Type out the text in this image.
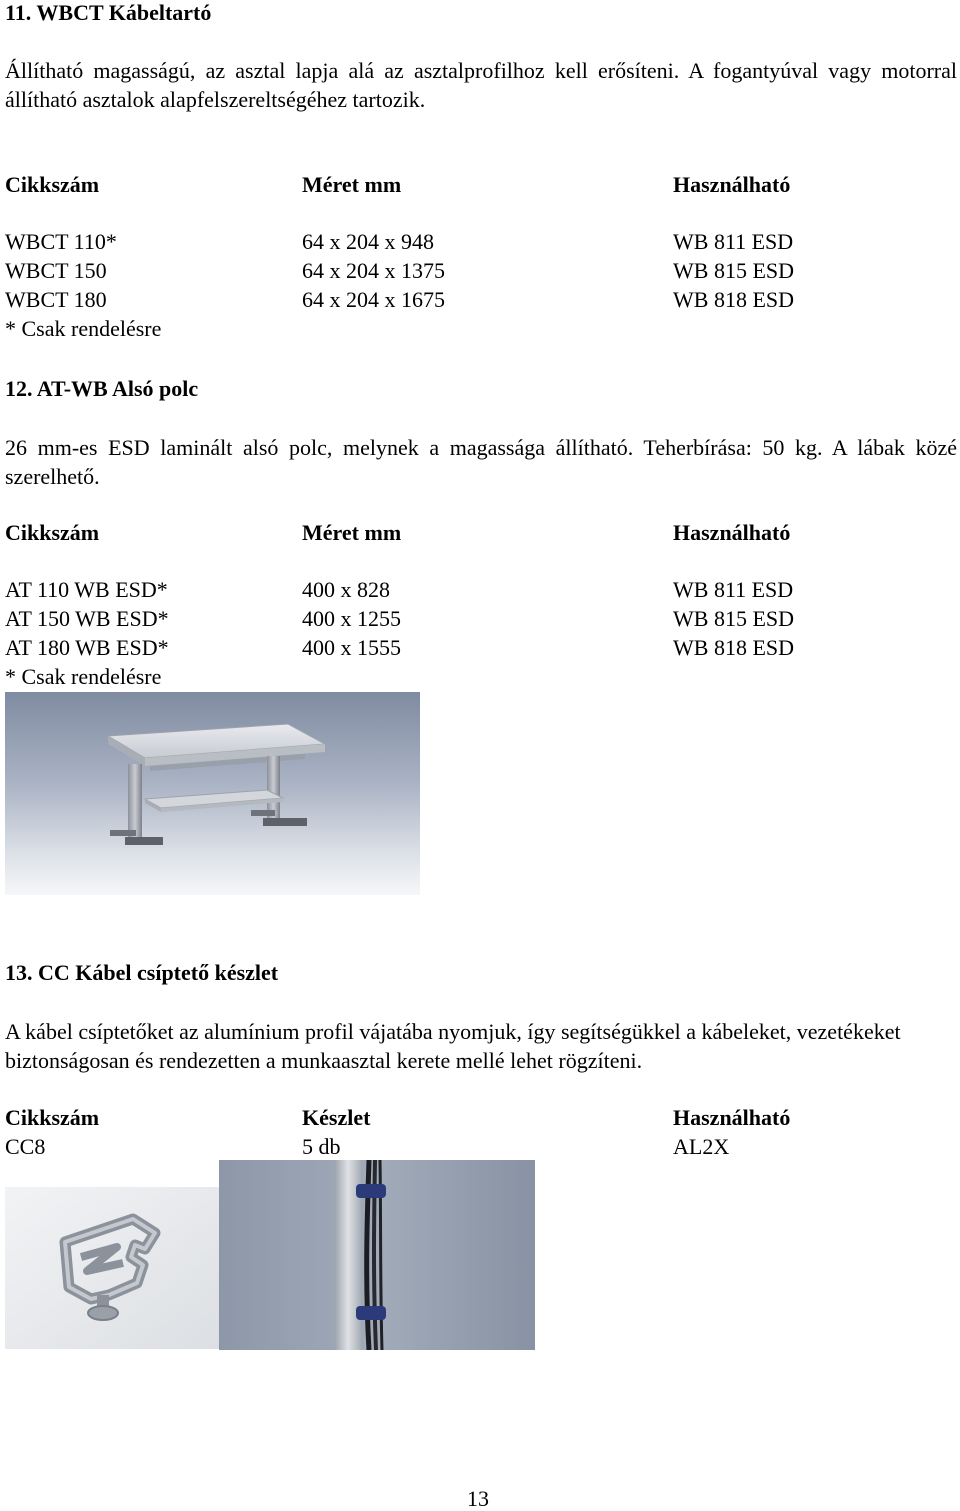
11. WBCT Kábeltartó
Állítható magasságú, az asztal lapja alá az asztalprofilhoz kell erősíteni. A fogantyúval vagy motorral állítható asztalok alapfelszereltségéhez tartozik.
Cikkszám	Méret mm	Használható
WBCT 110*	64 x 204 x 948	WB 811 ESD
WBCT 150	64 x 204 x 1375	WB 815 ESD
WBCT 180	64 x 204 x 1675	WB 818 ESD
* Csak rendelésre
12. AT-WB Alsó polc
26 mm-es ESD laminált alsó polc, melynek a magassága állítható. Teherbírása: 50 kg. A lábak közé szerelhető.
Cikkszám	Méret mm	Használható
AT 110 WB ESD*	400 x 828	WB 811 ESD
AT 150 WB ESD*	400 x 1255	WB 815 ESD
AT 180 WB ESD*	400 x 1555	WB 818 ESD
* Csak rendelésre
13. CC Kábel csíptető készlet
A kábel csíptetőket az alumínium profil vájatába nyomjuk, így segítségükkel a kábeleket, vezetékeket biztonságosan és rendezetten a munkaasztal kerete mellé lehet rögzíteni.
Cikkszám	Készlet	Használható
CC8	5 db	AL2X
13
